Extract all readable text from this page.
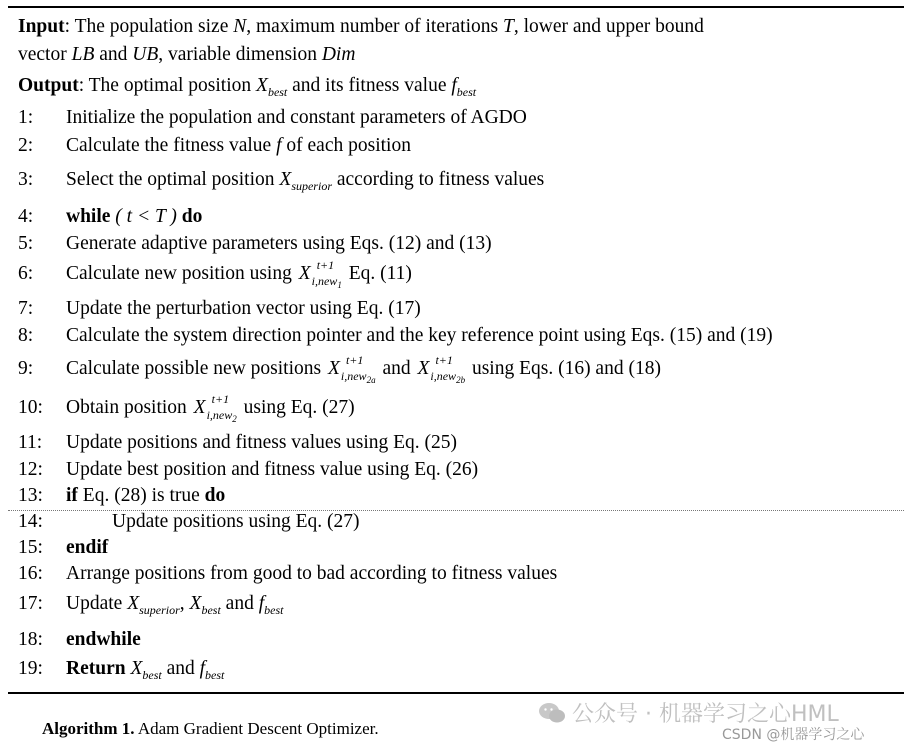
Input: The population size N, maximum number of iterations T, lower and upper bound
vector LB and UB, variable dimension Dim
Output: The optimal position $X_{best}$ and its fitness value $f_{best}$
1: Initialize the population and constant parameters of AGDO
2: Calculate the fitness value f of each position
3: Select the optimal position $X_{superior}$ according to fitness values
4: while ( t < T ) do
5: Generate adaptive parameters using Eqs. (12) and (13)
6: Calculate new position using X t+1
i,new$_1$ Eq. (11)
7: Update the perturbation vector using Eq. (17)
8: Calculate the system direction pointer and the key reference point using Eqs. (15) and (19)
9: Calculate possible new positions X t+1
i,new$_{2a}$ and X t+1
i,new$_{2b}$ using Eqs. (16) and (18)
10: Obtain position X t+1
i,new$_2$ using Eq. (27)
11: Update positions and fitness values using Eq. (25)
12: Update best position and fitness value using Eq. (26)
13: if Eq. (28) is true do
14:	Update positions using Eq. (27)
15: endif
16: Arrange positions from good to bad according to fitness values
17: Update $X_{superior}$, $X_{best}$ and $f_{best}$
18: endwhile
19: Return $X_{best}$ and $f_{best}$
Algorithm 1. Adam Gradient Descent Optimizer.
公众号 · 机器学习之心HML
CSDN @机器学习之心
